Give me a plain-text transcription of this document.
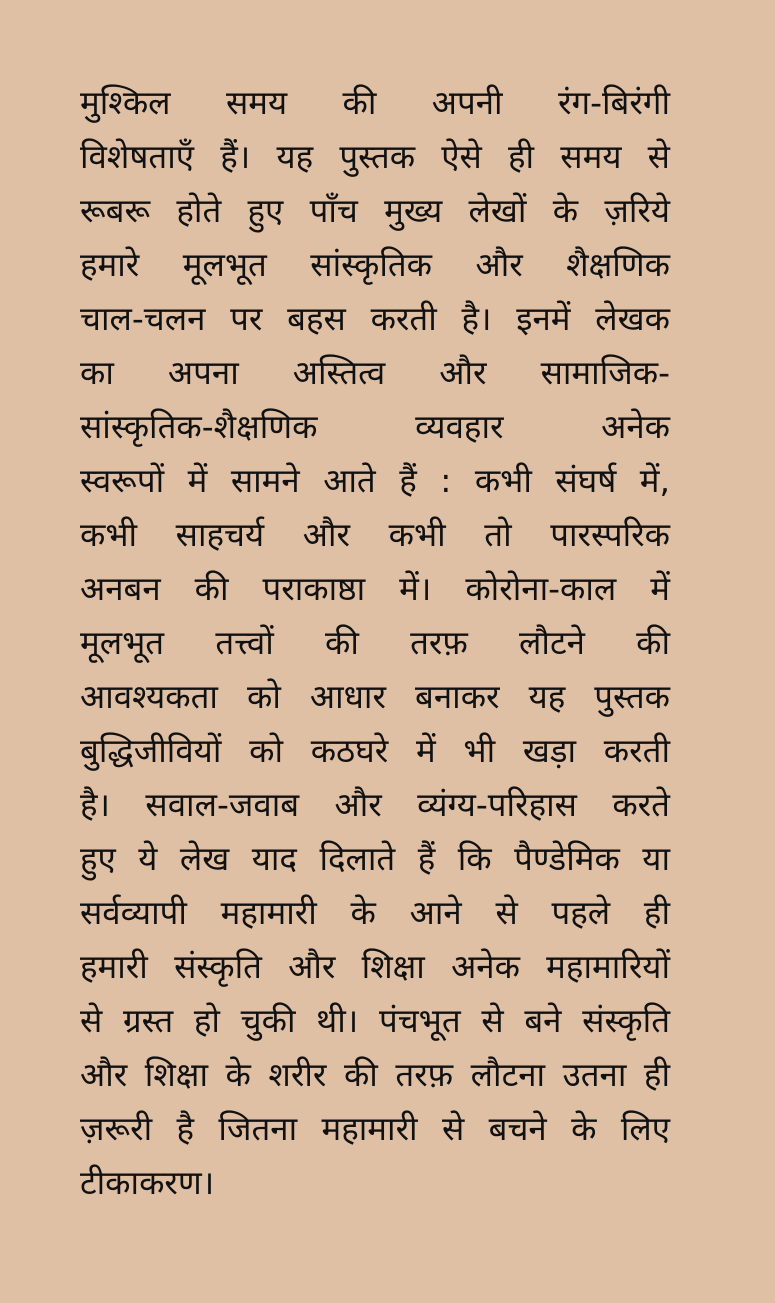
मुश्किल समय की अपनी रंग-बिरंगी
विशेषताएँ हैं। यह पुस्तक ऐसे ही समय से
रूबरू होते हुए पाँच मुख्य लेखों के ज़रिये
हमारे मूलभूत सांस्कृतिक और शैक्षणिक
चाल-चलन पर बहस करती है। इनमें लेखक
का अपना अस्तित्व और सामाजिक-
सांस्कृतिक-शैक्षणिक व्यवहार अनेक
स्वरूपों में सामने आते हैं : कभी संघर्ष में,
कभी साहचर्य और कभी तो पारस्परिक
अनबन की पराकाष्ठा में। कोरोना-काल में
मूलभूत तत्त्वों की तरफ़ लौटने की
आवश्यकता को आधार बनाकर यह पुस्तक
बुद्धिजीवियों को कठघरे में भी खड़ा करती
है। सवाल-जवाब और व्यंग्य-परिहास करते
हुए ये लेख याद दिलाते हैं कि पैण्डेमिक या
सर्वव्यापी महामारी के आने से पहले ही
हमारी संस्कृति और शिक्षा अनेक महामारियों
से ग्रस्त हो चुकी थी। पंचभूत से बने संस्कृति
और शिक्षा के शरीर की तरफ़ लौटना उतना ही
ज़रूरी है जितना महामारी से बचने के लिए
टीकाकरण।
